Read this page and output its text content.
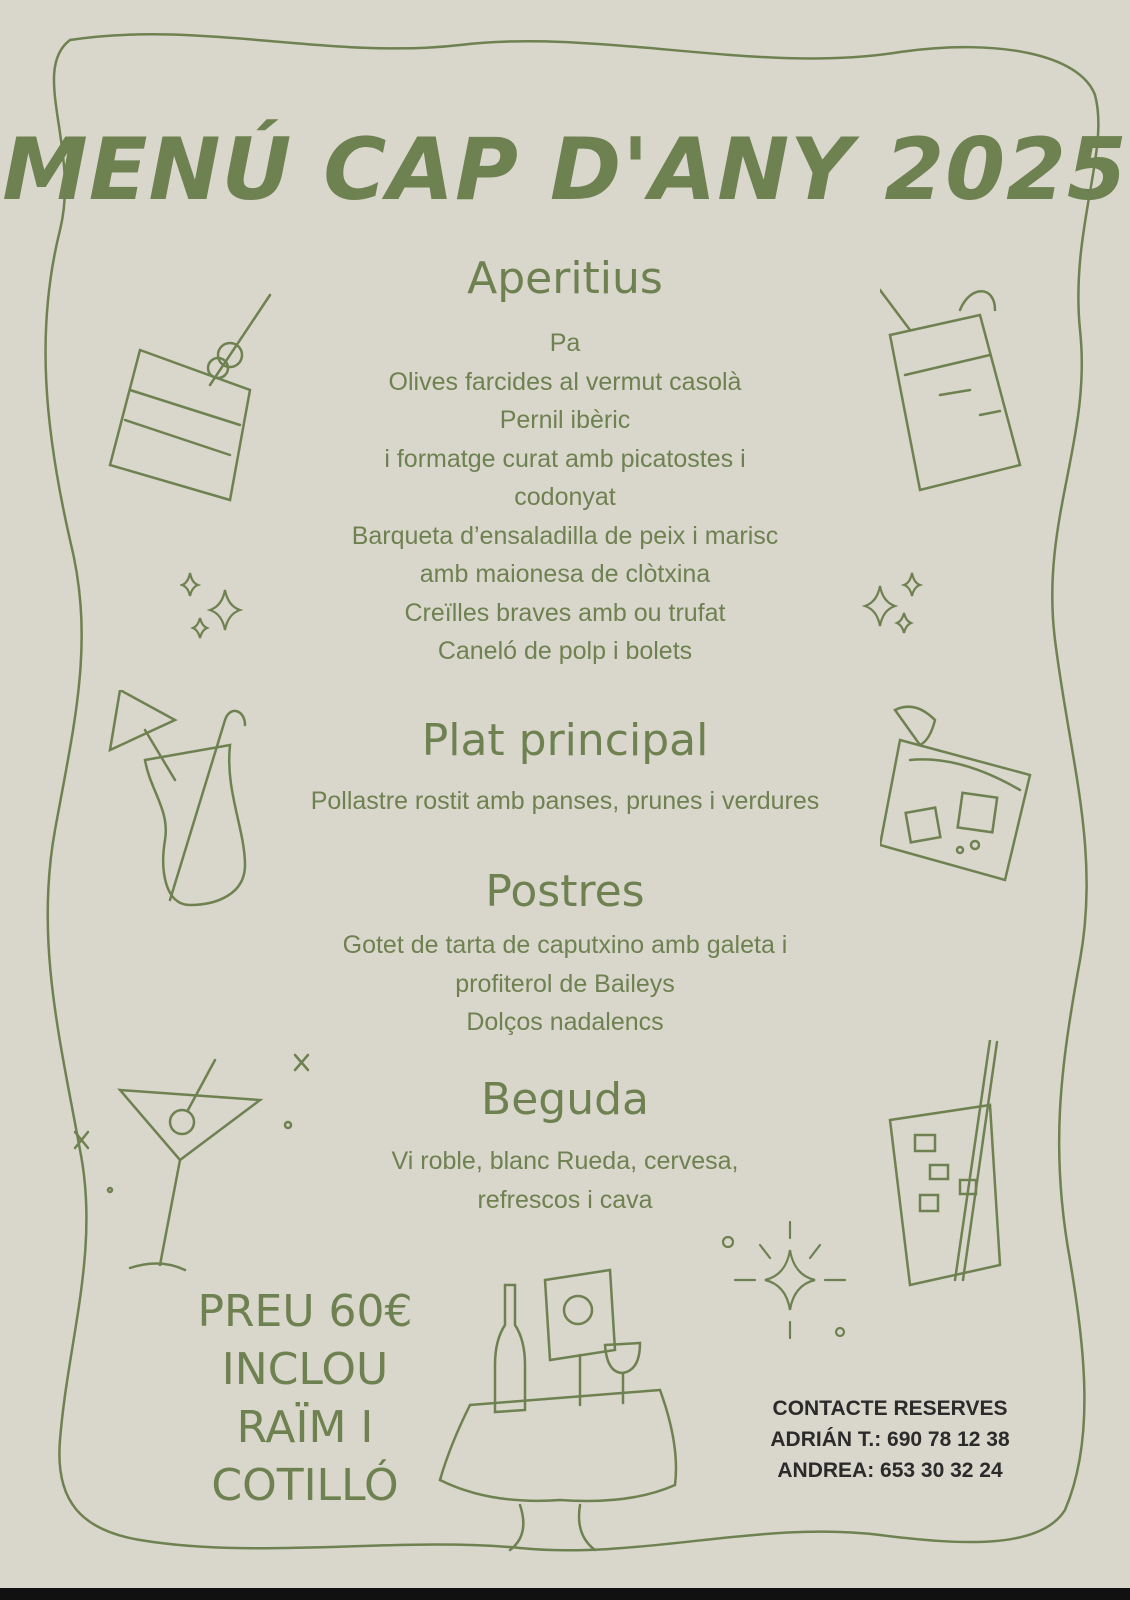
MENÚ CAP D'ANY 2025
Aperitius
Pa
Olives farcides al vermut casolà
Pernil ibèric
i formatge curat amb picatostes i
codonyat
Barqueta d’ensaladilla de peix i marisc
amb maionesa de clòtxina
Creïlles braves amb ou trufat
Caneló de polp i bolets
Plat principal
Pollastre rostit amb panses, prunes i verdures
Postres
Gotet de tarta de caputxino amb galeta i
profiterol de Baileys
Dolços nadalencs
Beguda
Vi roble, blanc Rueda, cervesa,
refrescos i cava
PREU 60€
INCLOU
RAÏM I
COTILLÓ
CONTACTE RESERVES
ADRIÁN T.: 690 78 12 38
ANDREA: 653 30 32 24
